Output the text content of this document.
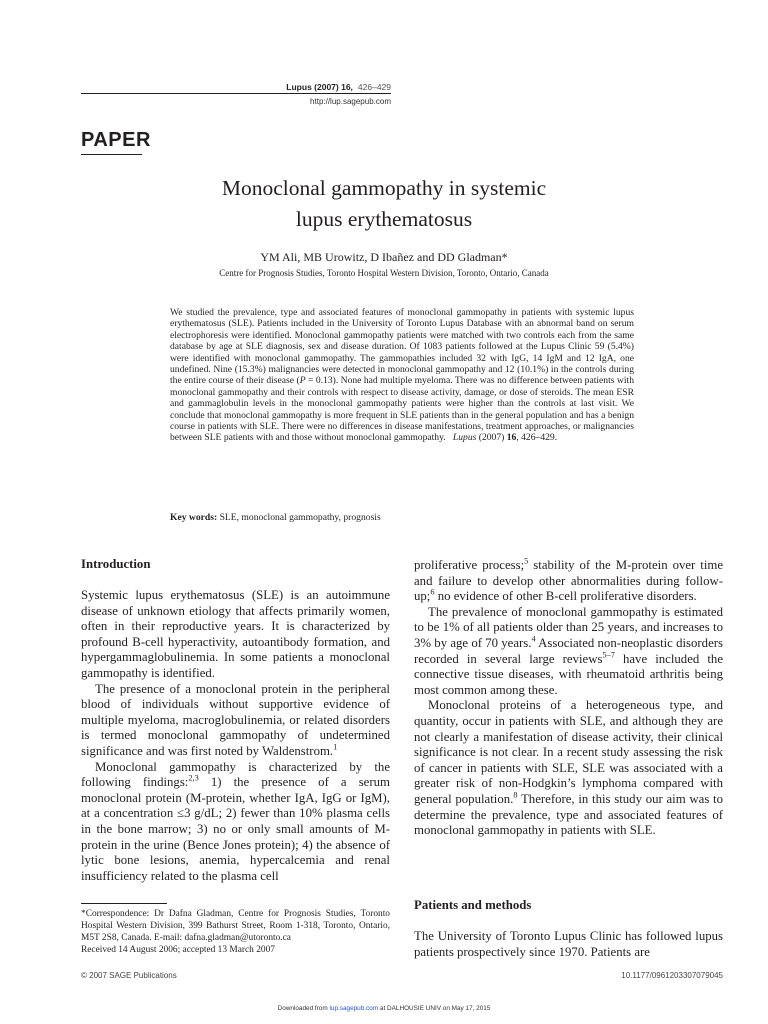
Lupus (2007) 16, 426–429
http://lup.sagepub.com
PAPER
Monoclonal gammopathy in systemic
lupus erythematosus
YM Ali, MB Urowitz, D Ibañez and DD Gladman*
Centre for Prognosis Studies, Toronto Hospital Western Division, Toronto, Ontario, Canada
We studied the prevalence, type and associated features of monoclonal gammopathy in patients with systemic lupus erythematosus (SLE). Patients included in the University of Toronto Lupus Database with an abnormal band on serum electrophoresis were identified. Monoclonal gammopathy patients were matched with two controls each from the same database by age at SLE diagnosis, sex and disease duration. Of 1083 patients followed at the Lupus Clinic 59 (5.4%) were identified with monoclonal gammopathy. The gammopathies included 32 with IgG, 14 IgM and 12 IgA, one undefined. Nine (15.3%) malignancies were detected in monoclonal gammopathy and 12 (10.1%) in the controls during the entire course of their disease (P = 0.13). None had multiple myeloma. There was no difference between patients with monoclonal gammopathy and their controls with respect to disease activity, damage, or dose of steroids. The mean ESR and gammaglobulin levels in the monoclonal gammopathy patients were higher than the controls at last visit. We conclude that monoclonal gammopathy is more frequent in SLE patients than in the general population and has a benign course in patients with SLE. There were no differences in disease manifestations, treatment approaches, or malignancies between SLE patients with and those without monoclonal gammopathy. Lupus (2007) 16, 426–429.
Key words: SLE, monoclonal gammopathy, prognosis
Introduction

Systemic lupus erythematosus (SLE) is an autoimmune disease of unknown etiology that affects primarily women, often in their reproductive years. It is characterized by profound B-cell hyperactivity, autoantibody formation, and hypergammaglobulinemia. In some patients a monoclonal gammopathy is identified.

The presence of a monoclonal protein in the peripheral blood of individuals without supportive evidence of multiple myeloma, macroglobulinemia, or related disorders is termed monoclonal gammopathy of undetermined significance and was first noted by Waldenstrom.$^1$

Monoclonal gammopathy is characterized by the following findings:$^{2,3}$ 1) the presence of a serum monoclonal protein (M-protein, whether IgA, IgG or IgM), at a concentration ≤3 g/dL; 2) fewer than 10% plasma cells in the bone marrow; 3) no or only small amounts of M-protein in the urine (Bence Jones protein); 4) the absence of lytic bone lesions, anemia, hypercalcemia and renal insufficiency related to the plasma cell

*Correspondence: Dr Dafna Gladman, Centre for Prognosis Studies, Toronto Hospital Western Division, 399 Bathurst Street, Room 1-318, Toronto, Ontario, M5T 2S8, Canada. E-mail: dafna.gladman@utoronto.ca
Received 14 August 2006; accepted 13 March 2007

proliferative process;$^5$ stability of the M-protein over time and failure to develop other abnormalities during follow-up;$^6$ no evidence of other B-cell proliferative disorders.

The prevalence of monoclonal gammopathy is estimated to be 1% of all patients older than 25 years, and increases to 3% by age of 70 years.$^4$ Associated non-neoplastic disorders recorded in several large reviews$^{5-7}$ have included the connective tissue diseases, with rheumatoid arthritis being most common among these.

Monoclonal proteins of a heterogeneous type, and quantity, occur in patients with SLE, and although they are not clearly a manifestation of disease activity, their clinical significance is not clear. In a recent study assessing the risk of cancer in patients with SLE, SLE was associated with a greater risk of non-Hodgkin’s lymphoma compared with general population.$^8$ Therefore, in this study our aim was to determine the prevalence, type and associated features of monoclonal gammopathy in patients with SLE.

Patients and methods
The University of Toronto Lupus Clinic has followed lupus patients prospectively since 1970. Patients are
© 2007 SAGE Publications	10.1177/0961203307079045
Downloaded from lup.sagepub.com at DALHOUSIE UNIV on May 17, 2015
